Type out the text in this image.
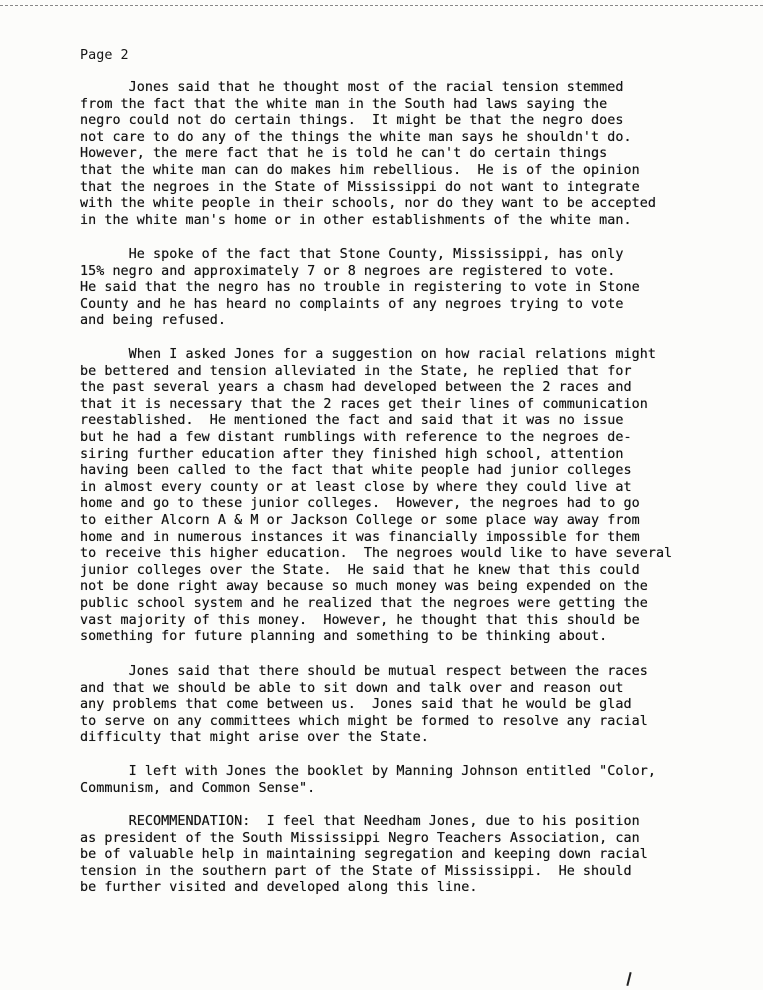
Page 2

Jones said that he thought most of the racial tension stemmed
from the fact that the white man in the South had laws saying the
negro could not do certain things.  It might be that the negro does
not care to do any of the things the white man says he shouldn't do.
However, the mere fact that he is told he can't do certain things
that the white man can do makes him rebellious.  He is of the opinion
that the negroes in the State of Mississippi do not want to integrate
with the white people in their schools, nor do they want to be accepted
in the white man's home or in other establishments of the white man.

He spoke of the fact that Stone County, Mississippi, has only
15% negro and approximately 7 or 8 negroes are registered to vote.
He said that the negro has no trouble in registering to vote in Stone
County and he has heard no complaints of any negroes trying to vote
and being refused.

When I asked Jones for a suggestion on how racial relations might
be bettered and tension alleviated in the State, he replied that for
the past several years a chasm had developed between the 2 races and
that it is necessary that the 2 races get their lines of communication
reestablished.  He mentioned the fact and said that it was no issue
but he had a few distant rumblings with reference to the negroes de-
siring further education after they finished high school, attention
having been called to the fact that white people had junior colleges
in almost every county or at least close by where they could live at
home and go to these junior colleges.  However, the negroes had to go
to either Alcorn A & M or Jackson College or some place way away from
home and in numerous instances it was financially impossible for them
to receive this higher education.  The negroes would like to have several
junior colleges over the State.  He said that he knew that this could
not be done right away because so much money was being expended on the
public school system and he realized that the negroes were getting the
vast majority of this money.  However, he thought that this should be
something for future planning and something to be thinking about.

Jones said that there should be mutual respect between the races
and that we should be able to sit down and talk over and reason out
any problems that come between us.  Jones said that he would be glad
to serve on any committees which might be formed to resolve any racial
difficulty that might arise over the State.

I left with Jones the booklet by Manning Johnson entitled "Color,
Communism, and Common Sense".

RECOMMENDATION:  I feel that Needham Jones, due to his position
as president of the South Mississippi Negro Teachers Association, can
be of valuable help in maintaining segregation and keeping down racial
tension in the southern part of the State of Mississippi.  He should
be further visited and developed along this line.
